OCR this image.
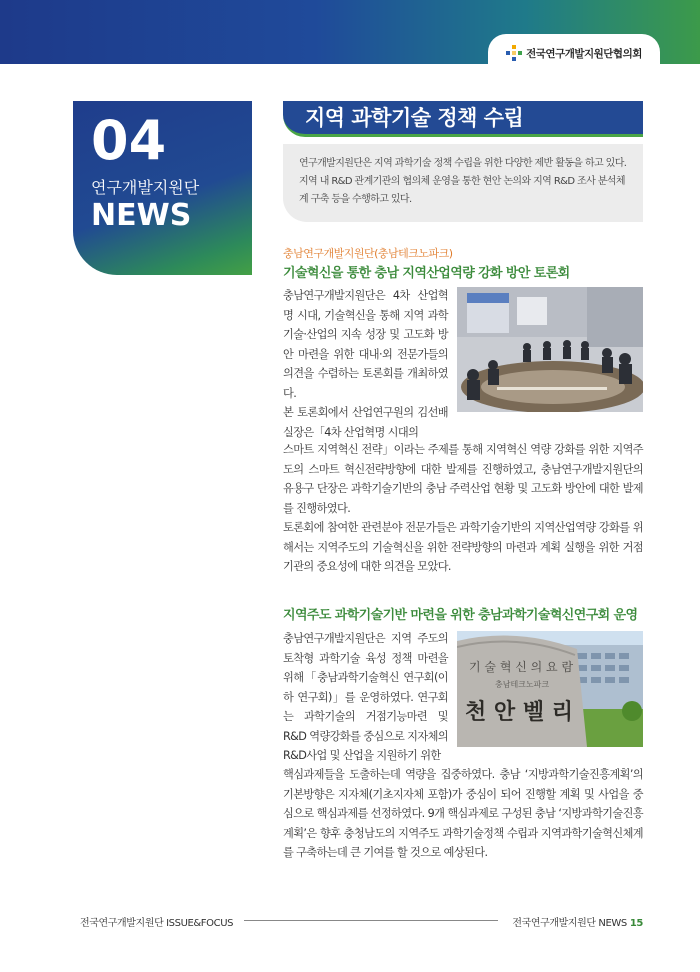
전국연구개발지원단협의회
04
연구개발지원단
NEWS
지역 과학기술 정책 수립
연구개발지원단은 지역 과학기술 정책 수립을 위한 다양한 제반 활동을 하고 있다. 지역 내 R&D 관계기관의 협의체 운영을 통한 현안 논의와 지역 R&D 조사 분석체계 구축 등을 수행하고 있다.
충남연구개발지원단(충남테크노파크)
기술혁신을 통한 충남 지역산업역량 강화 방안 토론회

충남연구개발지원단은 4차 산업혁명 시대, 기술혁신을 통해 지역 과학기술·산업의 지속 성장 및 고도화 방안 마련을 위한 대내·외 전문가들의 의견을 수렴하는 토론회를 개최하였다.

본 토론회에서 산업연구원의 김선배 실장은「4차 산업혁명 시대의

스마트 지역혁신 전략」이라는 주제를 통해 지역혁신 역량 강화를 위한 지역주도의 스마트 혁신전략방향에 대한 발제를 진행하였고, 충남연구개발지원단의 유용구 단장은 과학기술기반의 충남 주력산업 현황 및 고도화 방안에 대한 발제를 진행하였다.

토론회에 참여한 관련분야 전문가들은 과학기술기반의 지역산업역량 강화를 위해서는 지역주도의 기술혁신을 위한 전략방향의 마련과 계획 실행을 위한 거점기관의 중요성에 대한 의견을 모았다.

지역주도 과학기술기반 마련을 위한 충남과학기술혁신연구회 운영
충남연구개발지원단은 지역 주도의 토착형 과학기술 육성 정책 마련을 위해「충남과학기술혁신 연구회(이하 연구회)」를 운영하였다. 연구회는 과학기술의 거점기능마련 및 R&D 역량강화를 중심으로 지자체의 R&D사업 및 산업을 지원하기 위한
기 술 혁 신 의 요 람
충남테크노파크
천 안 벨 리
핵심과제들을 도출하는데 역량을 집중하였다. 충남 ‘지방과학기술진흥계획’의 기본방향은 지자체(기초지자체 포함)가 중심이 되어 진행할 계획 및 사업을 중심으로 핵심과제를 선정하였다. 9개 핵심과제로 구성된 충남 ‘지방과학기술진흥계획’은 향후 충청남도의 지역주도 과학기술정책 수립과 지역과학기술혁신체계를 구축하는데 큰 기여를 할 것으로 예상된다.
전국연구개발지원단 ISSUE&FOCUS	전국연구개발지원단 NEWS 15
